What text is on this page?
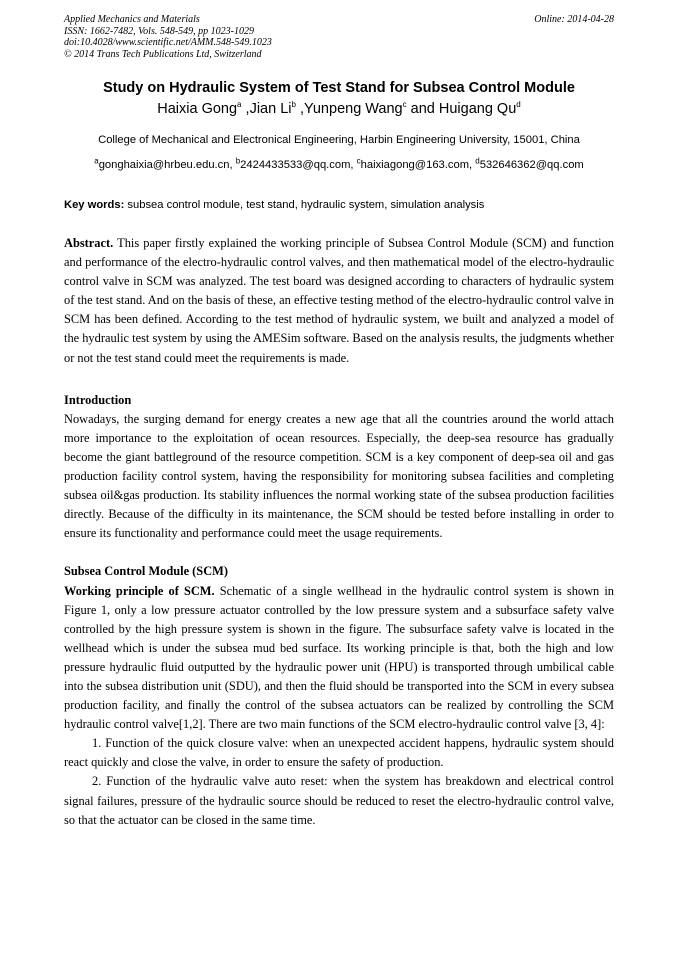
Applied Mechanics and Materials
ISSN: 1662-7482, Vols. 548-549, pp 1023-1029
doi:10.4028/www.scientific.net/AMM.548-549.1023
© 2014 Trans Tech Publications Ltd, Switzerland
Online: 2014-04-28
Study on Hydraulic System of Test Stand for Subsea Control Module
Haixia Gong$^a$ ,Jian Li$^b$ ,Yunpeng Wang$^c$ and Huigang Qu$^d$
College of Mechanical and Electronical Engineering, Harbin Engineering University, 15001, China
$^a$gonghaixia@hrbeu.edu.cn, $^b$2424433533@qq.com, $^c$haixiagong@163.com, $^d$532646362@qq.com
Key words: subsea control module, test stand, hydraulic system, simulation analysis

Abstract. This paper firstly explained the working principle of Subsea Control Module (SCM) and function and performance of the electro-hydraulic control valves, and then mathematical model of the electro-hydraulic control valve in SCM was analyzed. The test board was designed according to characters of hydraulic system of the test stand. And on the basis of these, an effective testing method of the electro-hydraulic control valve in SCM has been defined. According to the test method of hydraulic system, we built and analyzed a model of the hydraulic test system by using the AMESim software. Based on the analysis results, the judgments whether or not the test stand could meet the requirements is made.

Introduction

Nowadays, the surging demand for energy creates a new age that all the countries around the world attach more importance to the exploitation of ocean resources. Especially, the deep-sea resource has gradually become the giant battleground of the resource competition. SCM is a key component of deep-sea oil and gas production facility control system, having the responsibility for monitoring subsea facilities and completing subsea oil&gas production. Its stability influences the normal working state of the subsea production facilities directly. Because of the difficulty in its maintenance, the SCM should be tested before installing in order to ensure its functionality and performance could meet the usage requirements.

Subsea Control Module (SCM)

Working principle of SCM. Schematic of a single wellhead in the hydraulic control system is shown in Figure 1, only a low pressure actuator controlled by the low pressure system and a subsurface safety valve controlled by the high pressure system is shown in the figure. The subsurface safety valve is located in the wellhead which is under the subsea mud bed surface. Its working principle is that, both the high and low pressure hydraulic fluid outputted by the hydraulic power unit (HPU) is transported through umbilical cable into the subsea distribution unit (SDU), and then the fluid should be transported into the SCM in every subsea production facility, and finally the control of the subsea actuators can be realized by controlling the SCM hydraulic control valve[1,2]. There are two main functions of the SCM electro-hydraulic control valve [3, 4]:

1. Function of the quick closure valve: when an unexpected accident happens, hydraulic system should react quickly and close the valve, in order to ensure the safety of production.

2. Function of the hydraulic valve auto reset: when the system has breakdown and electrical control signal failures, pressure of the hydraulic source should be reduced to reset the electro-hydraulic control valve, so that the actuator can be closed in the same time.
